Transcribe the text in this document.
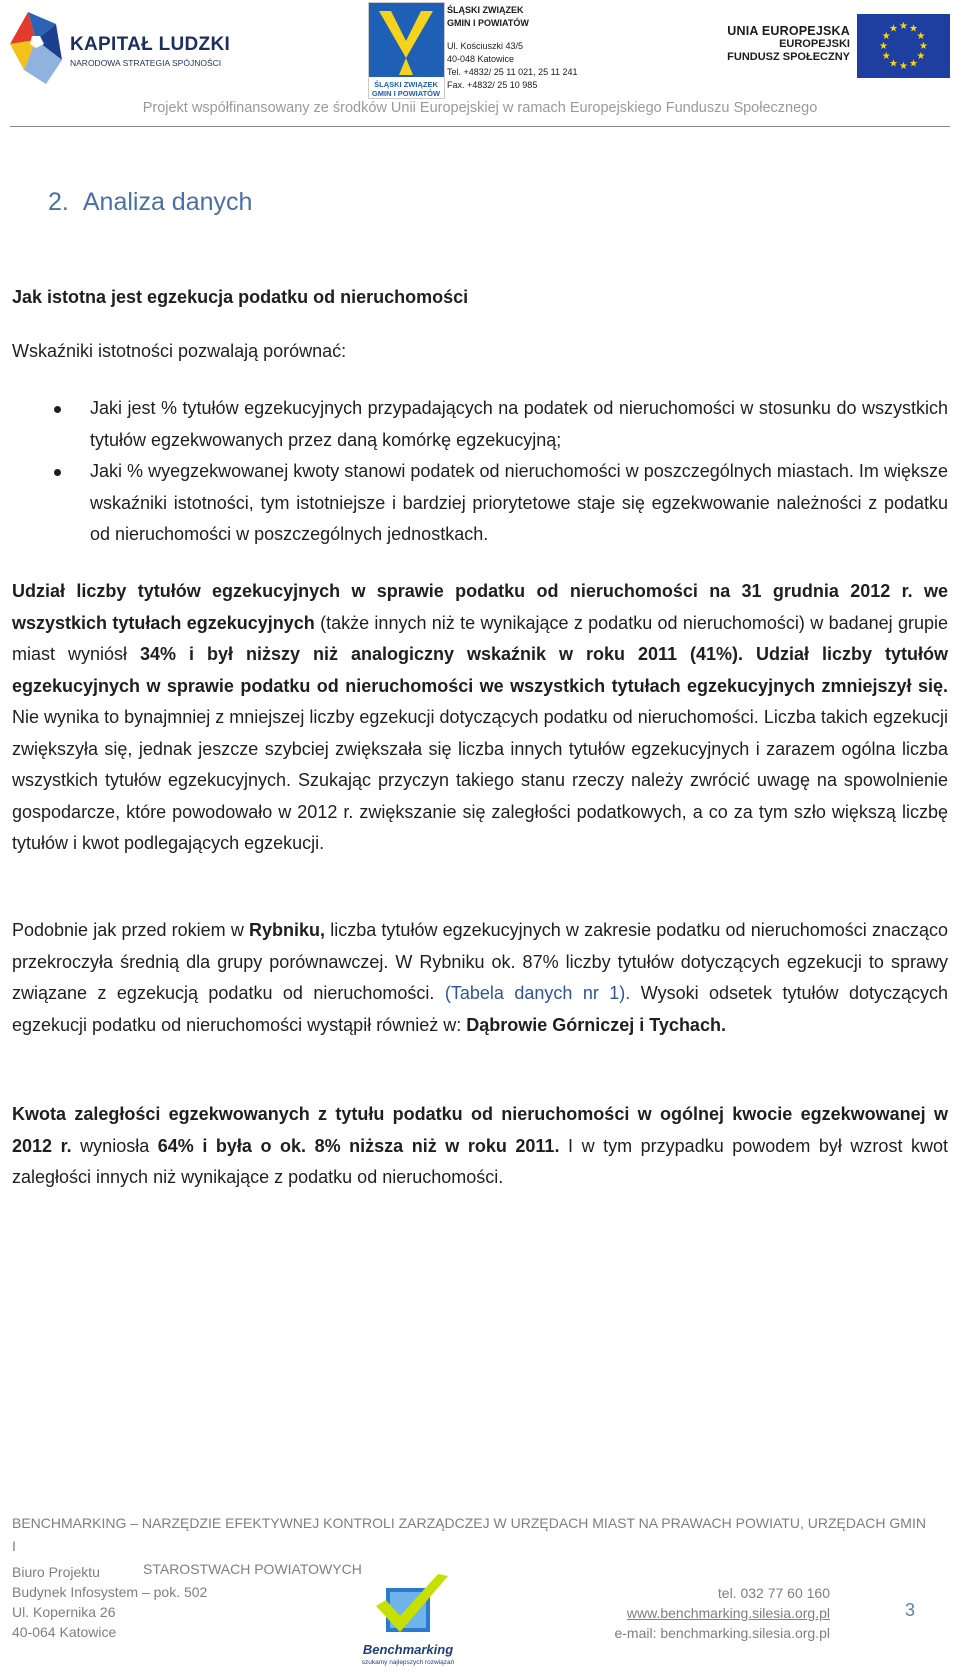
KAPITAŁ LUDZKI
NARODOWA STRATEGIA SPÓJNOŚCI
ŚLĄSKI ZWIĄZEK
GMIN I POWIATÓW
ŚLĄSKI ZWIĄZEK
GMIN I POWIATÓW
Ul. Kościuszki 43/5
40-048 Katowice
Tel. +4832/ 25 11 021, 25 11 241
Fax. +4832/ 25 10 985
UNIA EUROPEJSKA
EUROPEJSKI
FUNDUSZ SPOŁECZNY
★ ★
★
★
★
★
★
★
★
★
★
★
Projekt współfinansowany ze środków Unii Europejskiej w ramach Europejskiego Funduszu Społecznego
2. Analiza danych
Jak istotna jest egzekucja podatku od nieruchomości
Wskaźniki istotności pozwalają porównać:
Jaki jest % tytułów egzekucyjnych przypadających na podatek od nieruchomości w stosunku do wszystkich tytułów egzekwowanych przez daną komórkę egzekucyjną;
Jaki % wyegzekwowanej kwoty stanowi podatek od nieruchomości w poszczególnych miastach. Im większe wskaźniki istotności, tym istotniejsze i bardziej priorytetowe staje się egzekwowanie należności z podatku od nieruchomości w poszczególnych jednostkach.
Udział liczby tytułów egzekucyjnych w sprawie podatku od nieruchomości na 31 grudnia 2012 r. we wszystkich tytułach egzekucyjnych (także innych niż te wynikające z podatku od nieruchomości) w badanej grupie miast wyniósł 34% i był niższy niż analogiczny wskaźnik w roku 2011 (41%). Udział liczby tytułów egzekucyjnych w sprawie podatku od nieruchomości we wszystkich tytułach egzekucyjnych zmniejszył się. Nie wynika to bynajmniej z mniejszej liczby egzekucji dotyczących podatku od nieruchomości. Liczba takich egzekucji zwiększyła się, jednak jeszcze szybciej zwiększała się liczba innych tytułów egzekucyjnych i zarazem ogólna liczba wszystkich tytułów egzekucyjnych. Szukając przyczyn takiego stanu rzeczy należy zwrócić uwagę na spowolnienie gospodarcze, które powodowało w 2012 r. zwiększanie się zaległości podatkowych, a co za tym szło większą liczbę tytułów i kwot podlegających egzekucji.
Podobnie jak przed rokiem w Rybniku, liczba tytułów egzekucyjnych w zakresie podatku od nieruchomości znacząco przekroczyła średnią dla grupy porównawczej. W Rybniku ok. 87% liczby tytułów dotyczących egzekucji to sprawy związane z egzekucją podatku od nieruchomości. (Tabela danych nr 1). Wysoki odsetek tytułów dotyczących egzekucji podatku od nieruchomości wystąpił również w: Dąbrowie Górniczej i Tychach.
Kwota zaległości egzekwowanych z tytułu podatku od nieruchomości w ogólnej kwocie egzekwowanej w 2012 r. wyniosła 64% i była o ok. 8% niższa niż w roku 2011. I w tym przypadku powodem był wzrost kwot zaległości innych niż wynikające z podatku od nieruchomości.
BENCHMARKING – NARZĘDZIE EFEKTYWNEJ KONTROLI ZARZĄDCZEJ W URZĘDACH MIAST NA PRAWACH POWIATU, URZĘDACH GMIN I
STAROSTWACH POWIATOWYCH
Biuro Projektu
Budynek Infosystem – pok. 502
Ul. Kopernika 26
40-064 Katowice
Benchmarking
szukamy najlepszych rozwiązań
tel. 032 77 60 160
www.benchmarking.silesia.org.pl
e-mail: benchmarking.silesia.org.pl
3
